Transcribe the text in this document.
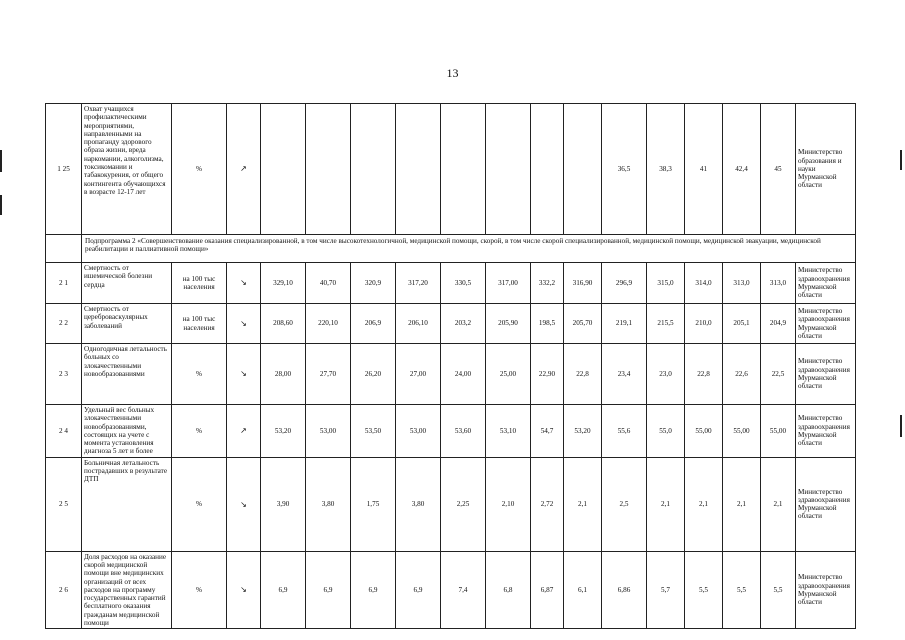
13
1 25	Охват учащихся профилактическими мероприятиями, направленными на пропаганду здорового образа жизни, вреда наркомании, алкоголизма, токсикомании и табакокурения, от общего контингента обучающихся в возрасте 12-17 лет	%	↗									36,5	38,3	41	42,4	45	Министерство образования и науки Мурманской области
	Подпрограмма 2 «Совершенствование оказания специализированной, в том числе высокотехнологичной, медицинской помощи, скорой, в том числе скорой специализированной, медицинской помощи, медицинской эвакуации, медицинской реабилитации и паллиативной помощи»																
2 1	Смертность от ишемической болезни сердца	на 100 тыс населения	↘	329,10	40,70	320,9	317,20	330,5	317,00	332,2	316,90	296,9	315,0	314,0	313,0	313,0	Министерство здравоохранения Мурманской области
2 2	Смертность от цереброваскулярных заболеваний	на 100 тыс населения	↘	208,60	220,10	206,9	206,10	203,2	205,90	198,5	205,70	219,1	215,5	210,0	205,1	204,9	Министерство здравоохранения Мурманской области
2 3	Одногодичная летальность больных со злокачественными новообразованиями	%	↘	28,00	27,70	26,20	27,00	24,00	25,00	22,90	22,8	23,4	23,0	22,8	22,6	22,5	Министерство здравоохранения Мурманской области
2 4	Удельный вес больных злокачественными новообразованиями, состоящих на учете с момента установления диагноза 5 лет и более	%	↗	53,20	53,00	53,50	53,00	53,60	53,10	54,7	53,20	55,6	55,0	55,00	55,00	55,00	Министерство здравоохранения Мурманской области
2 5	Больничная летальность пострадавших в результате ДТП	%	↘	3,90	3,80	1,75	3,80	2,25	2,10	2,72	2,1	2,5	2,1	2,1	2,1	2,1	Министерство здравоохранения Мурманской области
2 6	Доля расходов на оказание скорой медицинской помощи вне медицинских организаций от всех расходов на программу государственных гарантий бесплатного оказания гражданам медицинской помощи	%	↘	6,9	6,9	6,9	6,9	7,4	6,8	6,87	6,1	6,86	5,7	5,5	5,5	5,5	Министерство здравоохранения Мурманской области
